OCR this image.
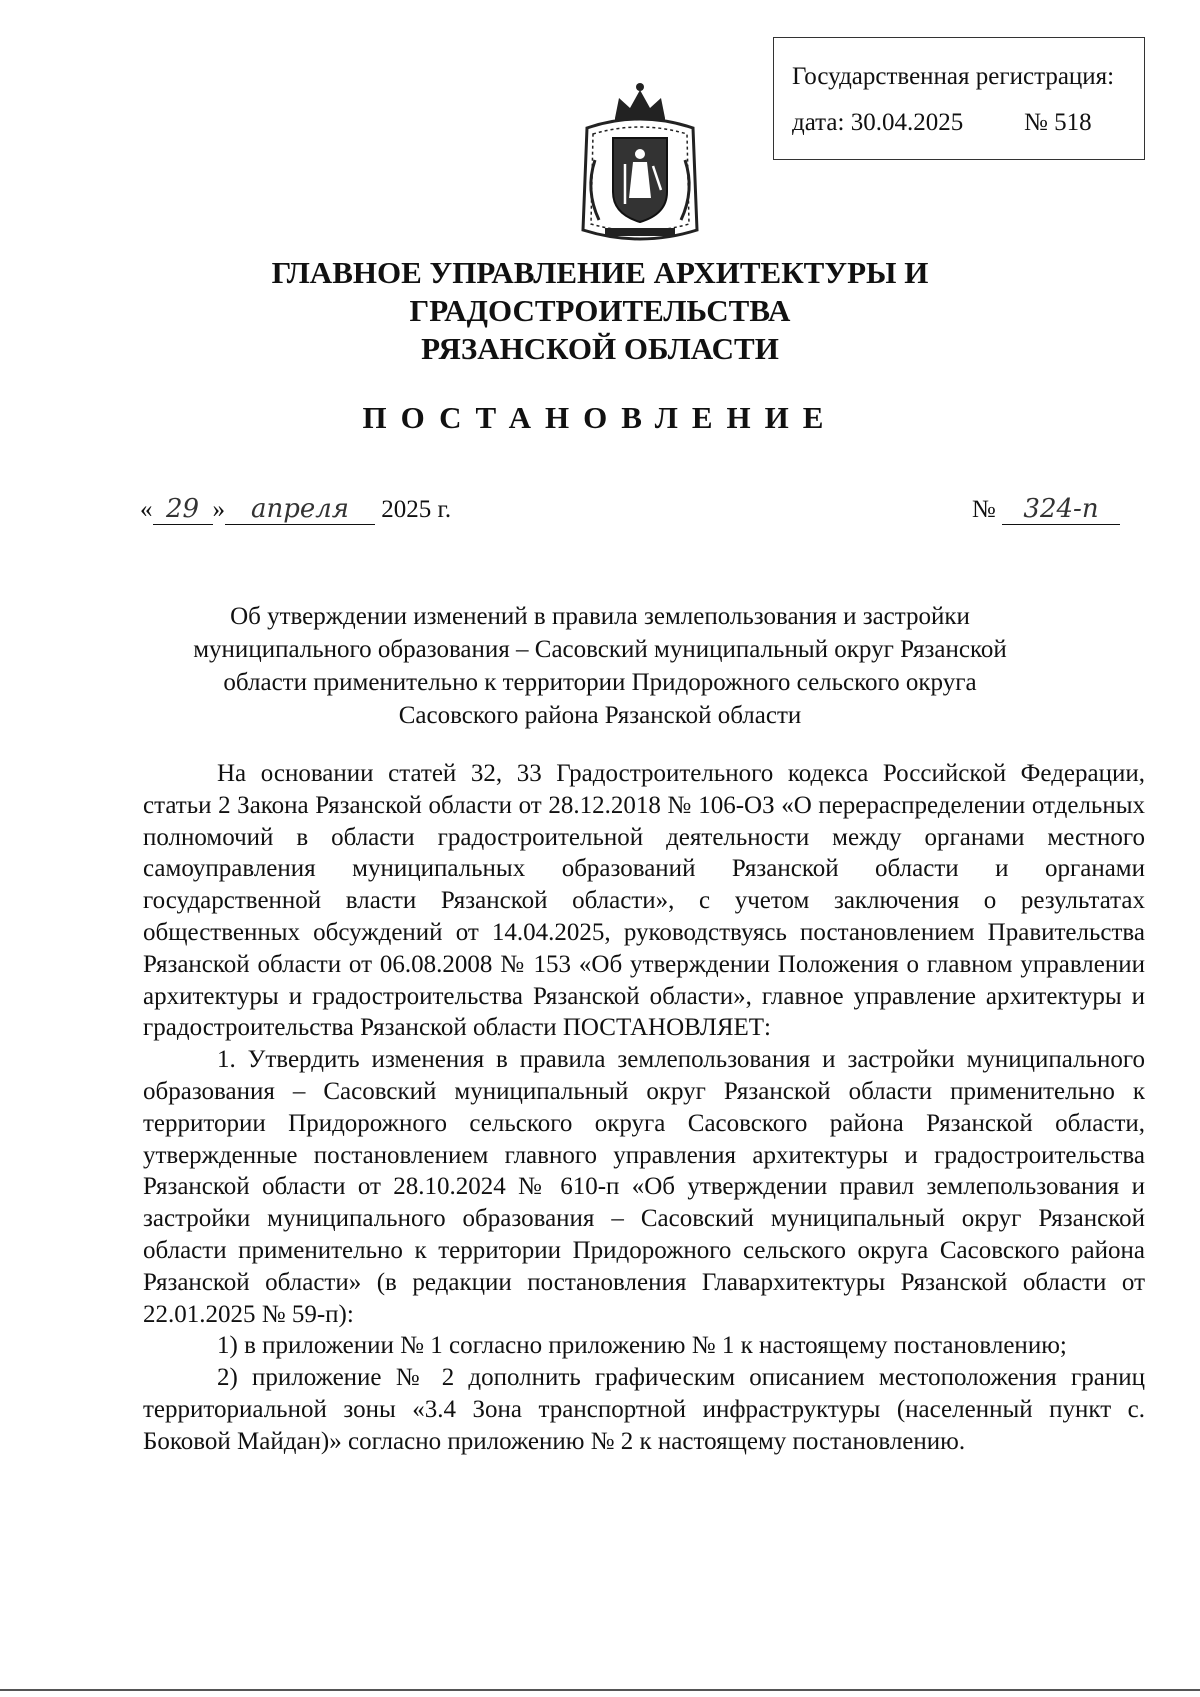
Государственная регистрация:
дата: 30.04.2025 № 518
ГЛАВНОЕ УПРАВЛЕНИЕ АРХИТЕКТУРЫ И ГРАДОСТРОИТЕЛЬСТВА
РЯЗАНСКОЙ ОБЛАСТИ
ПОСТАНОВЛЕНИЕ
« 29 » апреля 2025 г.	№ 324-п
Об утверждении изменений в правила землепользования и застройки
муниципального образования – Сасовский муниципальный округ Рязанской
области применительно к территории Придорожного сельского округа
Сасовского района Рязанской области

На основании статей 32, 33 Градостроительного кодекса Российской Федерации, статьи 2 Закона Рязанской области от 28.12.2018 № 106-ОЗ «О перераспределении отдельных полномочий в области градостроительной деятельности между органами местного самоуправления муниципальных образований Рязанской области и органами государственной власти Рязанской области», с учетом заключения о результатах общественных обсуждений от 14.04.2025, руководствуясь постановлением Правительства Рязанской области от 06.08.2008 № 153 «Об утверждении Положения о главном управлении архитектуры и градостроительства Рязанской области», главное управление архитектуры и градостроительства Рязанской области ПОСТАНОВЛЯЕТ:

1. Утвердить изменения в правила землепользования и застройки муниципального образования – Сасовский муниципальный округ Рязанской области применительно к территории Придорожного сельского округа Сасовского района Рязанской области, утвержденные постановлением главного управления архитектуры и градостроительства Рязанской области от 28.10.2024 № 610-п «Об утверждении правил землепользования и застройки муниципального образования – Сасовский муниципальный округ Рязанской области применительно к территории Придорожного сельского округа Сасовского района Рязанской области» (в редакции постановления Главархитектуры Рязанской области от 22.01.2025 № 59-п):

1) в приложении № 1 согласно приложению № 1 к настоящему постановлению;

2) приложение № 2 дополнить графическим описанием местоположения границ территориальной зоны «3.4 Зона транспортной инфраструктуры (населенный пункт с. Боковой Майдан)» согласно приложению № 2 к настоящему постановлению.
